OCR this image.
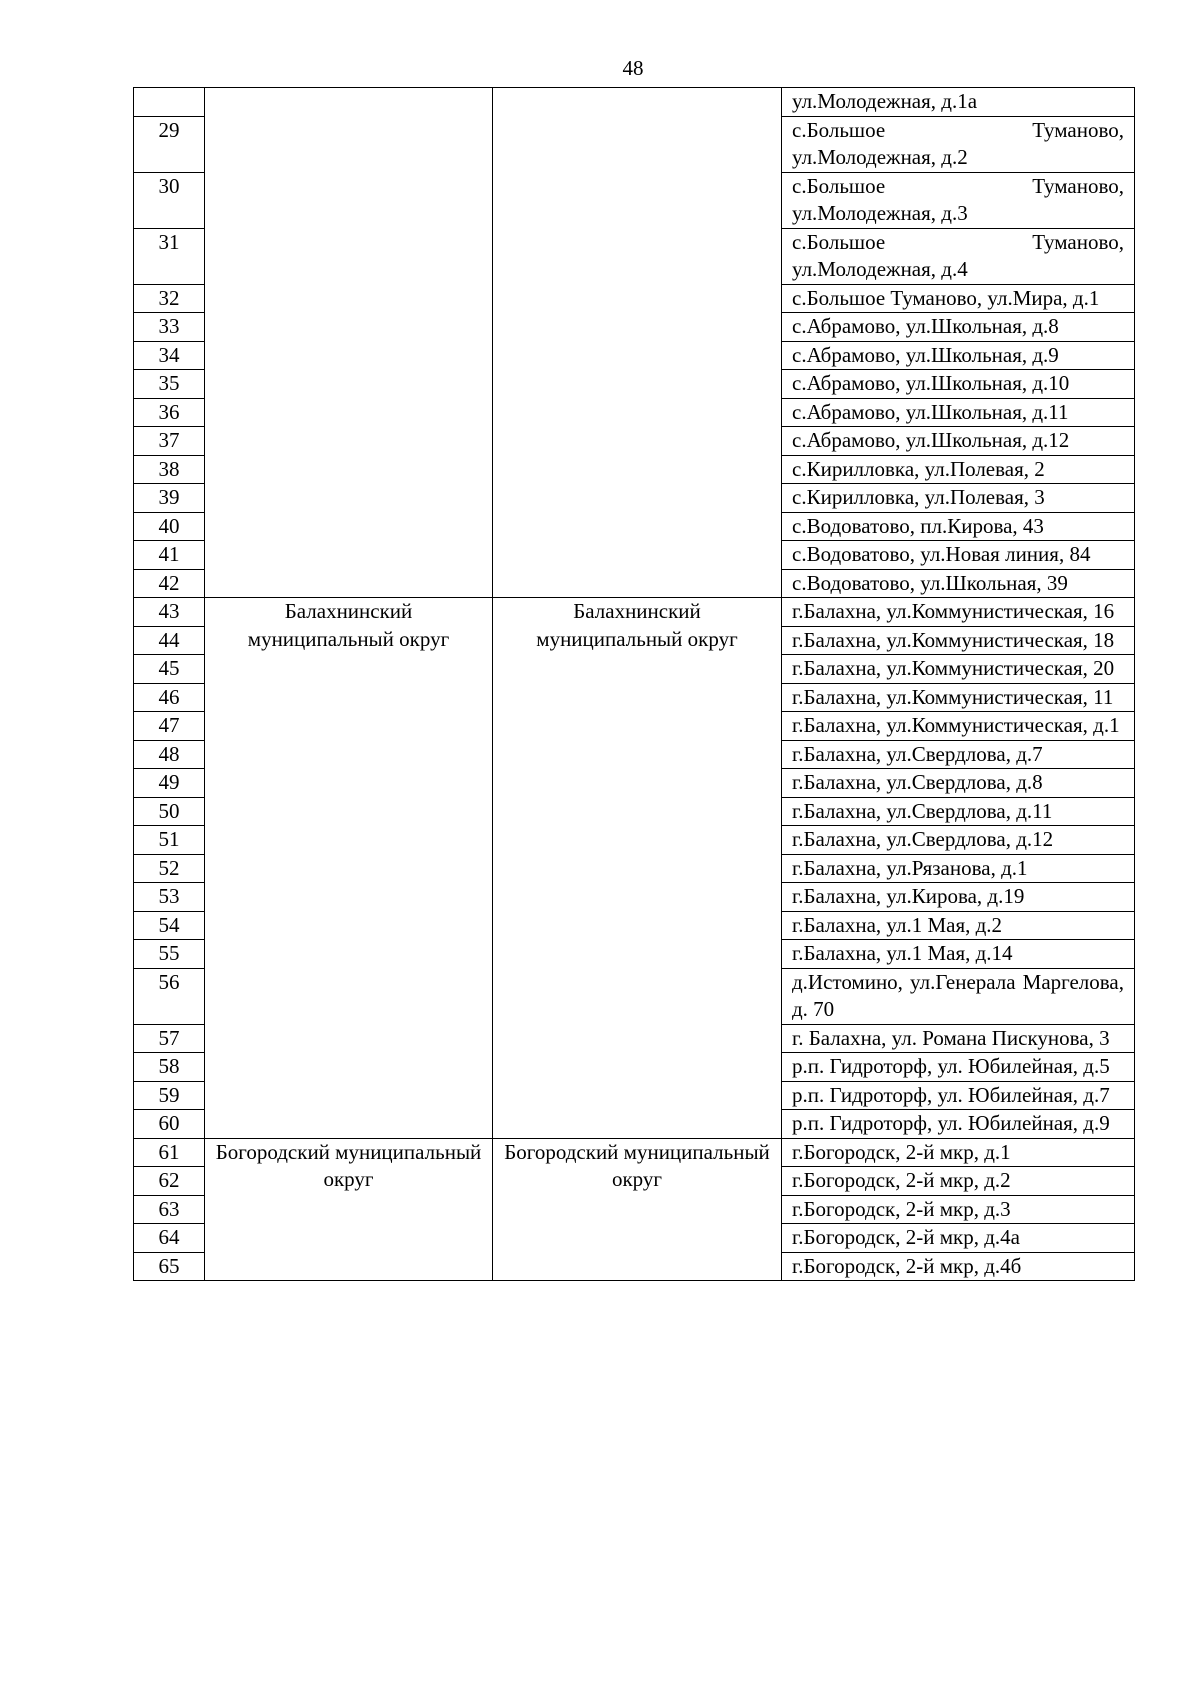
48
			ул.Молодежная, д.1а
29			с.Большое Туманово, ул.Молодежная, д.2
30			с.Большое Туманово, ул.Молодежная, д.3
31			с.Большое Туманово, ул.Молодежная, д.4
32			с.Большое Туманово, ул.Мира, д.1
33			с.Абрамово, ул.Школьная, д.8
34			с.Абрамово, ул.Школьная, д.9
35			с.Абрамово, ул.Школьная, д.10
36			с.Абрамово, ул.Школьная, д.11
37			с.Абрамово, ул.Школьная, д.12
38			с.Кирилловка, ул.Полевая, 2
39			с.Кирилловка, ул.Полевая, 3
40			с.Водоватово, пл.Кирова, 43
41			с.Водоватово, ул.Новая линия, 84
42			с.Водоватово, ул.Школьная, 39
43	Балахнинский муниципальный округ	Балахнинский муниципальный округ	г.Балахна, ул.Коммунистическая, 16
44			г.Балахна, ул.Коммунистическая, 18
45			г.Балахна, ул.Коммунистическая, 20
46			г.Балахна, ул.Коммунистическая, 11
47			г.Балахна, ул.Коммунистическая, д.1
48			г.Балахна, ул.Свердлова, д.7
49			г.Балахна, ул.Свердлова, д.8
50			г.Балахна, ул.Свердлова, д.11
51			г.Балахна, ул.Свердлова, д.12
52			г.Балахна, ул.Рязанова, д.1
53			г.Балахна, ул.Кирова, д.19
54			г.Балахна, ул.1 Мая, д.2
55			г.Балахна, ул.1 Мая, д.14
56			д.Истомино, ул.Генерала Маргелова, д. 70
57			г. Балахна, ул. Романа Пискунова, 3
58			р.п. Гидроторф, ул. Юбилейная, д.5
59			р.п. Гидроторф, ул. Юбилейная, д.7
60			р.п. Гидроторф, ул. Юбилейная, д.9
61	Богородский муниципальный округ	Богородский муниципальный округ	г.Богородск, 2-й мкр, д.1
62			г.Богородск, 2-й мкр, д.2
63			г.Богородск, 2-й мкр, д.3
64			г.Богородск, 2-й мкр, д.4а
65			г.Богородск, 2-й мкр, д.4б
